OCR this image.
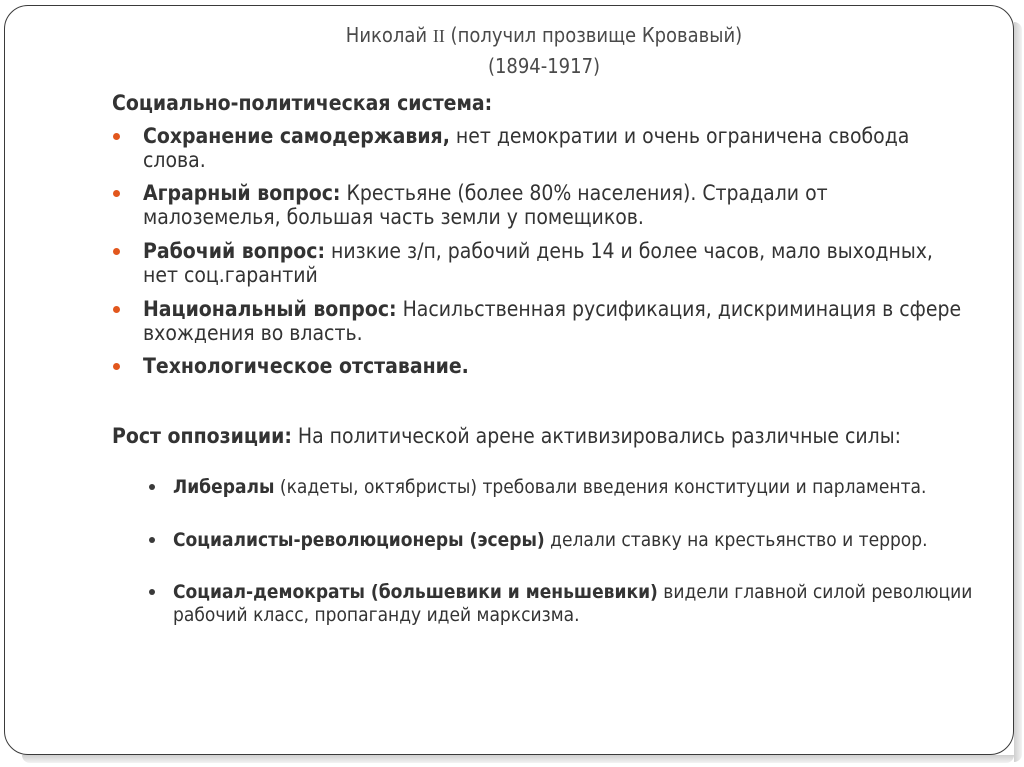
Николай II (получил прозвище Кровавый)
(1894-1917)
Социально-политическая система:
Сохранение самодержавия, нет демократии и очень ограничена свобода слова.
Аграрный вопрос: Крестьяне (более 80% населения). Страдали от малоземелья, большая часть земли у помещиков.
Рабочий вопрос: низкие з/п, рабочий день 14 и более часов, мало выходных, нет соц.гарантий
Национальный вопрос: Насильственная русификация, дискриминация в сфере вхождения во власть.
Технологическое отставание.
Рост оппозиции: На политической арене активизировались различные силы:
Либералы (кадеты, октябристы) требовали введения конституции и парламента.
Социалисты-революционеры (эсеры) делали ставку на крестьянство и террор.
Социал-демократы (большевики и меньшевики) видели главной силой революции рабочий класс, пропаганду идей марксизма.
